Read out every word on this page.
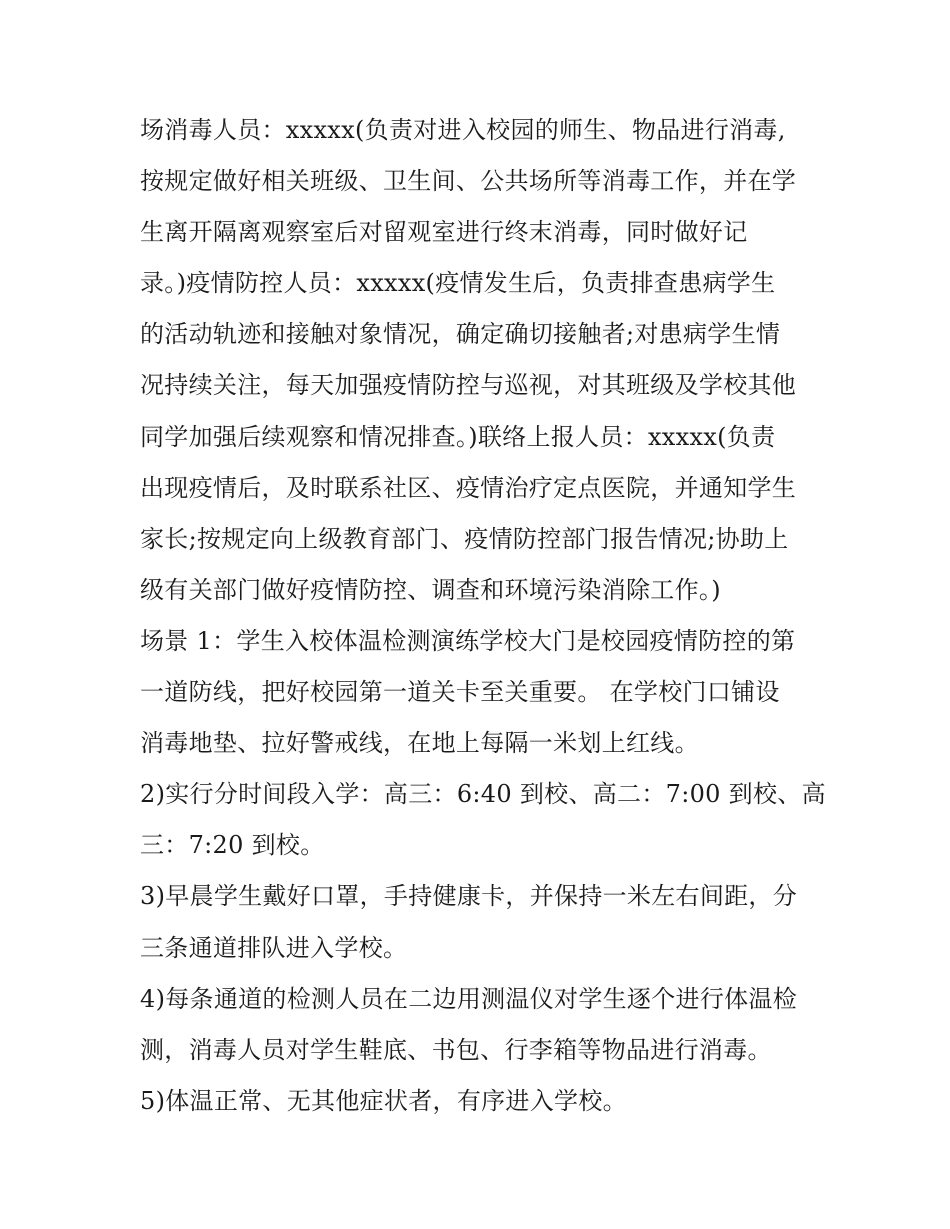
场消毒人员：xxxxx(负责对进入校园的师生、物品进行消毒,
按规定做好相关班级、卫生间、公共场所等消毒工作，并在学
生离开隔离观察室后对留观室进行终末消毒，同时做好记
录。)疫情防控人员：xxxxx(疫情发生后，负责排查患病学生
的活动轨迹和接触对象情况，确定确切接触者;对患病学生情
况持续关注，每天加强疫情防控与巡视，对其班级及学校其他
同学加强后续观察和情况排查。)联络上报人员：xxxxx(负责
出现疫情后，及时联系社区、疫情治疗定点医院，并通知学生
家长;按规定向上级教育部门、疫情防控部门报告情况;协助上
级有关部门做好疫情防控、调查和环境污染消除工作。)
场景 1：学生入校体温检测演练学校大门是校园疫情防控的第
一道防线，把好校园第一道关卡至关重要。 在学校门口铺设
消毒地垫、拉好警戒线，在地上每隔一米划上红线。
2)实行分时间段入学：高三：6:40 到校、高二：7:00 到校、高
三：7:20 到校。
3)早晨学生戴好口罩，手持健康卡，并保持一米左右间距，分
三条通道排队进入学校。
4)每条通道的检测人员在二边用测温仪对学生逐个进行体温检
测，消毒人员对学生鞋底、书包、行李箱等物品进行消毒。
5)体温正常、无其他症状者，有序进入学校。
